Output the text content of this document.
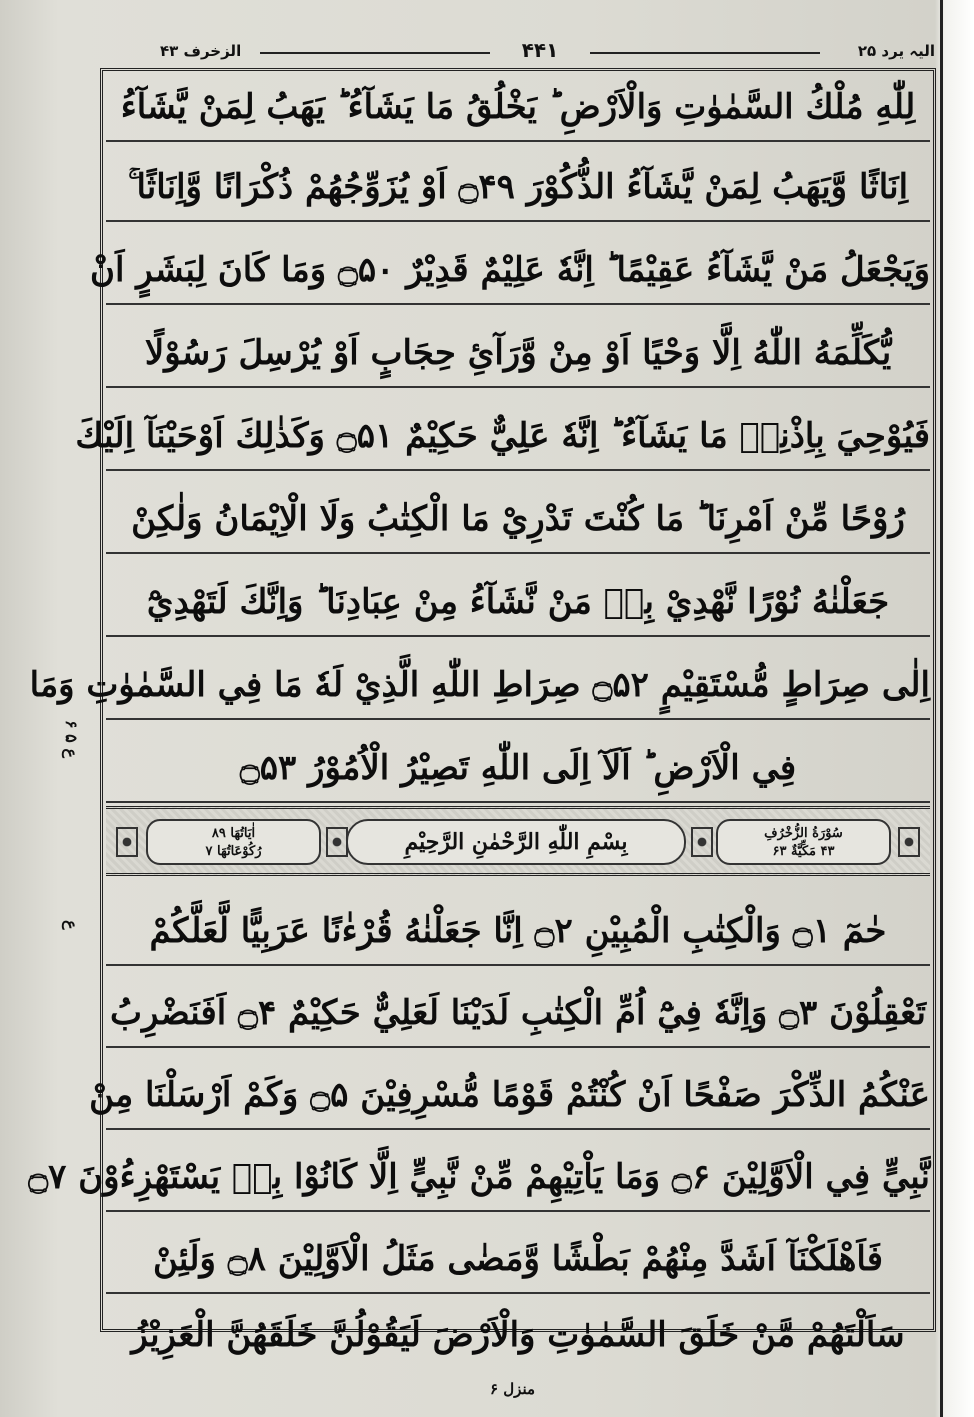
الیہ یرد ۲۵
۴۴۱
الزخرف ۴۳
لِلّٰهِ مُلْكُ السَّمٰوٰتِ وَالْاَرْضِ ؕ يَخْلُقُ مَا يَشَآءُ ؕ يَهَبُ لِمَنْ يَّشَآءُ
اِنَاثًا وَّيَهَبُ لِمَنْ يَّشَآءُ الذُّكُوْرَ ۝۴۹ اَوْ يُزَوِّجُهُمْ ذُكْرَانًا وَّاِنَاثًا ۚ
وَيَجْعَلُ مَنْ يَّشَآءُ عَقِيْمًا ؕ اِنَّهٗ عَلِيْمٌ قَدِيْرٌ ۝۵۰ وَمَا كَانَ لِبَشَرٍ اَنْ
يُّكَلِّمَهُ اللّٰهُ اِلَّا وَحْيًا اَوْ مِنْ وَّرَآئِ حِجَابٍ اَوْ يُرْسِلَ رَسُوْلًا
فَيُوْحِيَ بِاِذْنِهٖ مَا يَشَآءُ ؕ اِنَّهٗ عَلِيٌّ حَكِيْمٌ ۝۵۱ وَكَذٰلِكَ اَوْحَيْنَآ اِلَيْكَ
رُوْحًا مِّنْ اَمْرِنَا ؕ مَا كُنْتَ تَدْرِيْ مَا الْكِتٰبُ وَلَا الْاِيْمَانُ وَلٰكِنْ
جَعَلْنٰهُ نُوْرًا نَّهْدِيْ بِهٖ مَنْ نَّشَآءُ مِنْ عِبَادِنَا ؕ وَاِنَّكَ لَتَهْدِيْٓ
اِلٰى صِرَاطٍ مُّسْتَقِيْمٍ ۝۵۲ صِرَاطِ اللّٰهِ الَّذِيْ لَهٗ مَا فِي السَّمٰوٰتِ وَمَا
فِي الْاَرْضِ ؕ اَلَآ اِلَى اللّٰهِ تَصِيْرُ الْاُمُوْرُ ۝۵۳
اٰيَاتُهَا ۸۹
رُكُوْعَاتُهَا ۷	بِسْمِ اللّٰهِ الرَّحْمٰنِ الرَّحِيْمِ	سُوْرَةُ الزُّخْرُفِ
۴۳ مَكِّيَّةٌ ۶۳
حٰمٓ ۝۱ وَالْكِتٰبِ الْمُبِيْنِ ۝۲ اِنَّا جَعَلْنٰهُ قُرْءٰنًا عَرَبِيًّا لَّعَلَّكُمْ
تَعْقِلُوْنَ ۝۳ وَاِنَّهٗ فِيْٓ اُمِّ الْكِتٰبِ لَدَيْنَا لَعَلِيٌّ حَكِيْمٌ ۝۴ اَفَنَضْرِبُ
عَنْكُمُ الذِّكْرَ صَفْحًا اَنْ كُنْتُمْ قَوْمًا مُّسْرِفِيْنَ ۝۵ وَكَمْ اَرْسَلْنَا مِنْ
نَّبِيٍّ فِي الْاَوَّلِيْنَ ۝۶ وَمَا يَاْتِيْهِمْ مِّنْ نَّبِيٍّ اِلَّا كَانُوْا بِهٖ يَسْتَهْزِءُوْنَ ۝۷
فَاَهْلَكْنَآ اَشَدَّ مِنْهُمْ بَطْشًا وَّمَضٰى مَثَلُ الْاَوَّلِيْنَ ۝۸ وَلَئِنْ
سَاَلْتَهُمْ مَّنْ خَلَقَ السَّمٰوٰتِ وَالْاَرْضَ لَيَقُوْلُنَّ خَلَقَهُنَّ الْعَزِيْزُ
ع ۵ ۶
ع
منزل ۶
